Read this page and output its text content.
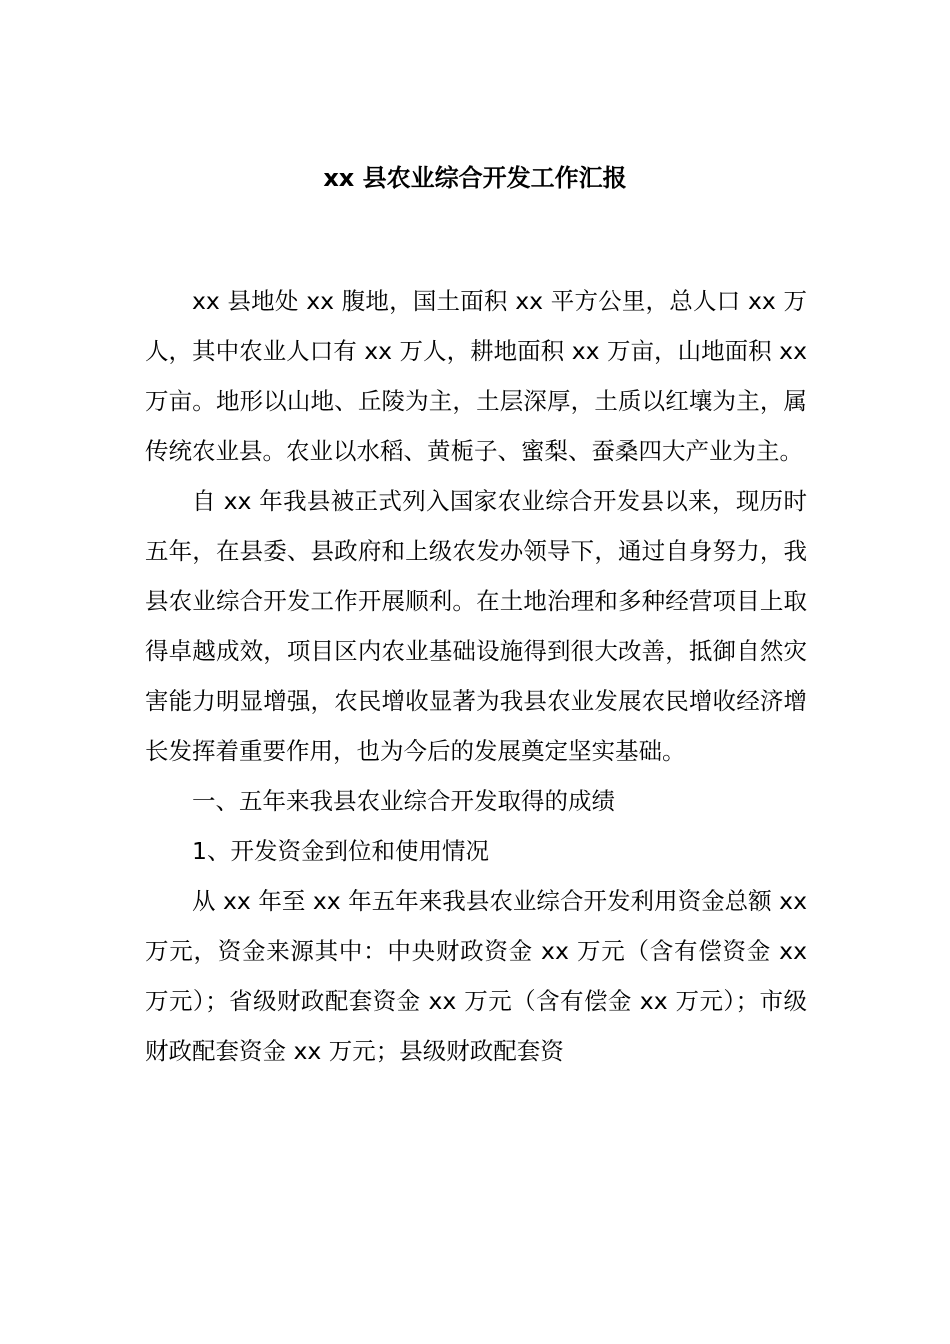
xx 县农业综合开发工作汇报

xx 县地处 xx 腹地，国土面积 xx 平方公里，总人口 xx 万人，其中农业人口有 xx 万人，耕地面积 xx 万亩，山地面积 xx 万亩。地形以山地、丘陵为主，土层深厚，土质以红壤为主，属传统农业县。农业以水稻、黄栀子、蜜梨、蚕桑四大产业为主。

自 xx 年我县被正式列入国家农业综合开发县以来，现历时五年，在县委、县政府和上级农发办领导下，通过自身努力，我县农业综合开发工作开展顺利。在土地治理和多种经营项目上取得卓越成效，项目区内农业基础设施得到很大改善，抵御自然灾害能力明显增强，农民增收显著为我县农业发展农民增收经济增长发挥着重要作用，也为今后的发展奠定坚实基础。

一、五年来我县农业综合开发取得的成绩

1、开发资金到位和使用情况

从 xx 年至 xx 年五年来我县农业综合开发利用资金总额 xx 万元，资金来源其中：中央财政资金 xx 万元（含有偿资金 xx 万元）；省级财政配套资金 xx 万元（含有偿金 xx 万元）；市级财政配套资金 xx 万元；县级财政配套资
